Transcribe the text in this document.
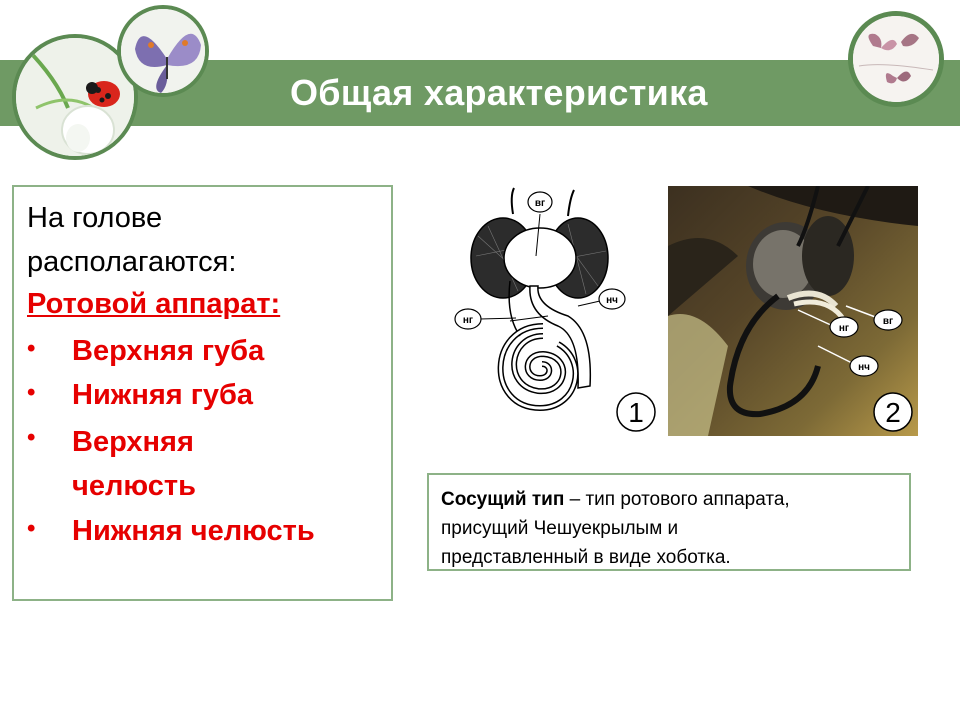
Общая характеристика
На голове
располагаются:
Ротовой аппарат:
• Верхняя губа
• Нижняя губа
• Верхняя
челюсть
• Нижняя челюсть
вг
нг
нч
1
нг
вг
нч
2
Сосущий тип – тип ротового аппарата,
присущий Чешуекрылым и
представленный в виде хоботка.
